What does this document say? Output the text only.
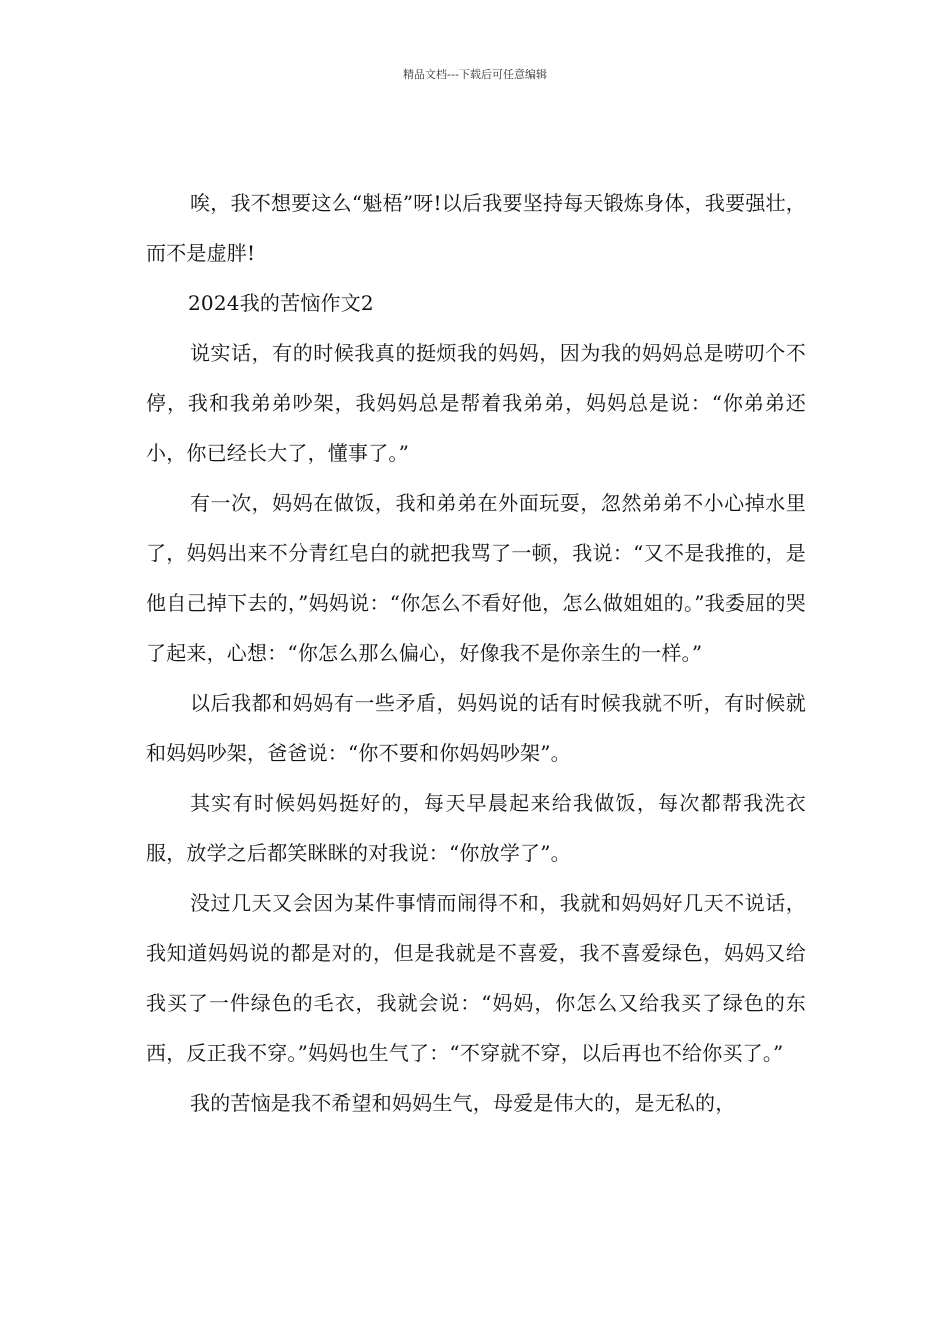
精品文档---下载后可任意编辑

唉，我不想要这么“魁梧”呀!以后我要坚持每天锻炼身体，我要强壮，而不是虚胖!

2024我的苦恼作文2

说实话，有的时候我真的挺烦我的妈妈，因为我的妈妈总是唠叨个不停，我和我弟弟吵架，我妈妈总是帮着我弟弟，妈妈总是说：“你弟弟还小，你已经长大了，懂事了。”

有一次，妈妈在做饭，我和弟弟在外面玩耍，忽然弟弟不小心掉水里了，妈妈出来不分青红皂白的就把我骂了一顿，我说：“又不是我推的，是他自己掉下去的，”妈妈说：“你怎么不看好他，怎么做姐姐的。”我委屈的哭了起来，心想：“你怎么那么偏心，好像我不是你亲生的一样。”

以后我都和妈妈有一些矛盾，妈妈说的话有时候我就不听，有时候就和妈妈吵架，爸爸说：“你不要和你妈妈吵架”。

其实有时候妈妈挺好的，每天早晨起来给我做饭，每次都帮我洗衣服，放学之后都笑眯眯的对我说：“你放学了”。

没过几天又会因为某件事情而闹得不和，我就和妈妈好几天不说话，我知道妈妈说的都是对的，但是我就是不喜爱，我不喜爱绿色，妈妈又给我买了一件绿色的毛衣，我就会说：“妈妈，你怎么又给我买了绿色的东西，反正我不穿。”妈妈也生气了：“不穿就不穿，以后再也不给你买了。”

我的苦恼是我不希望和妈妈生气，母爱是伟大的，是无私的，
